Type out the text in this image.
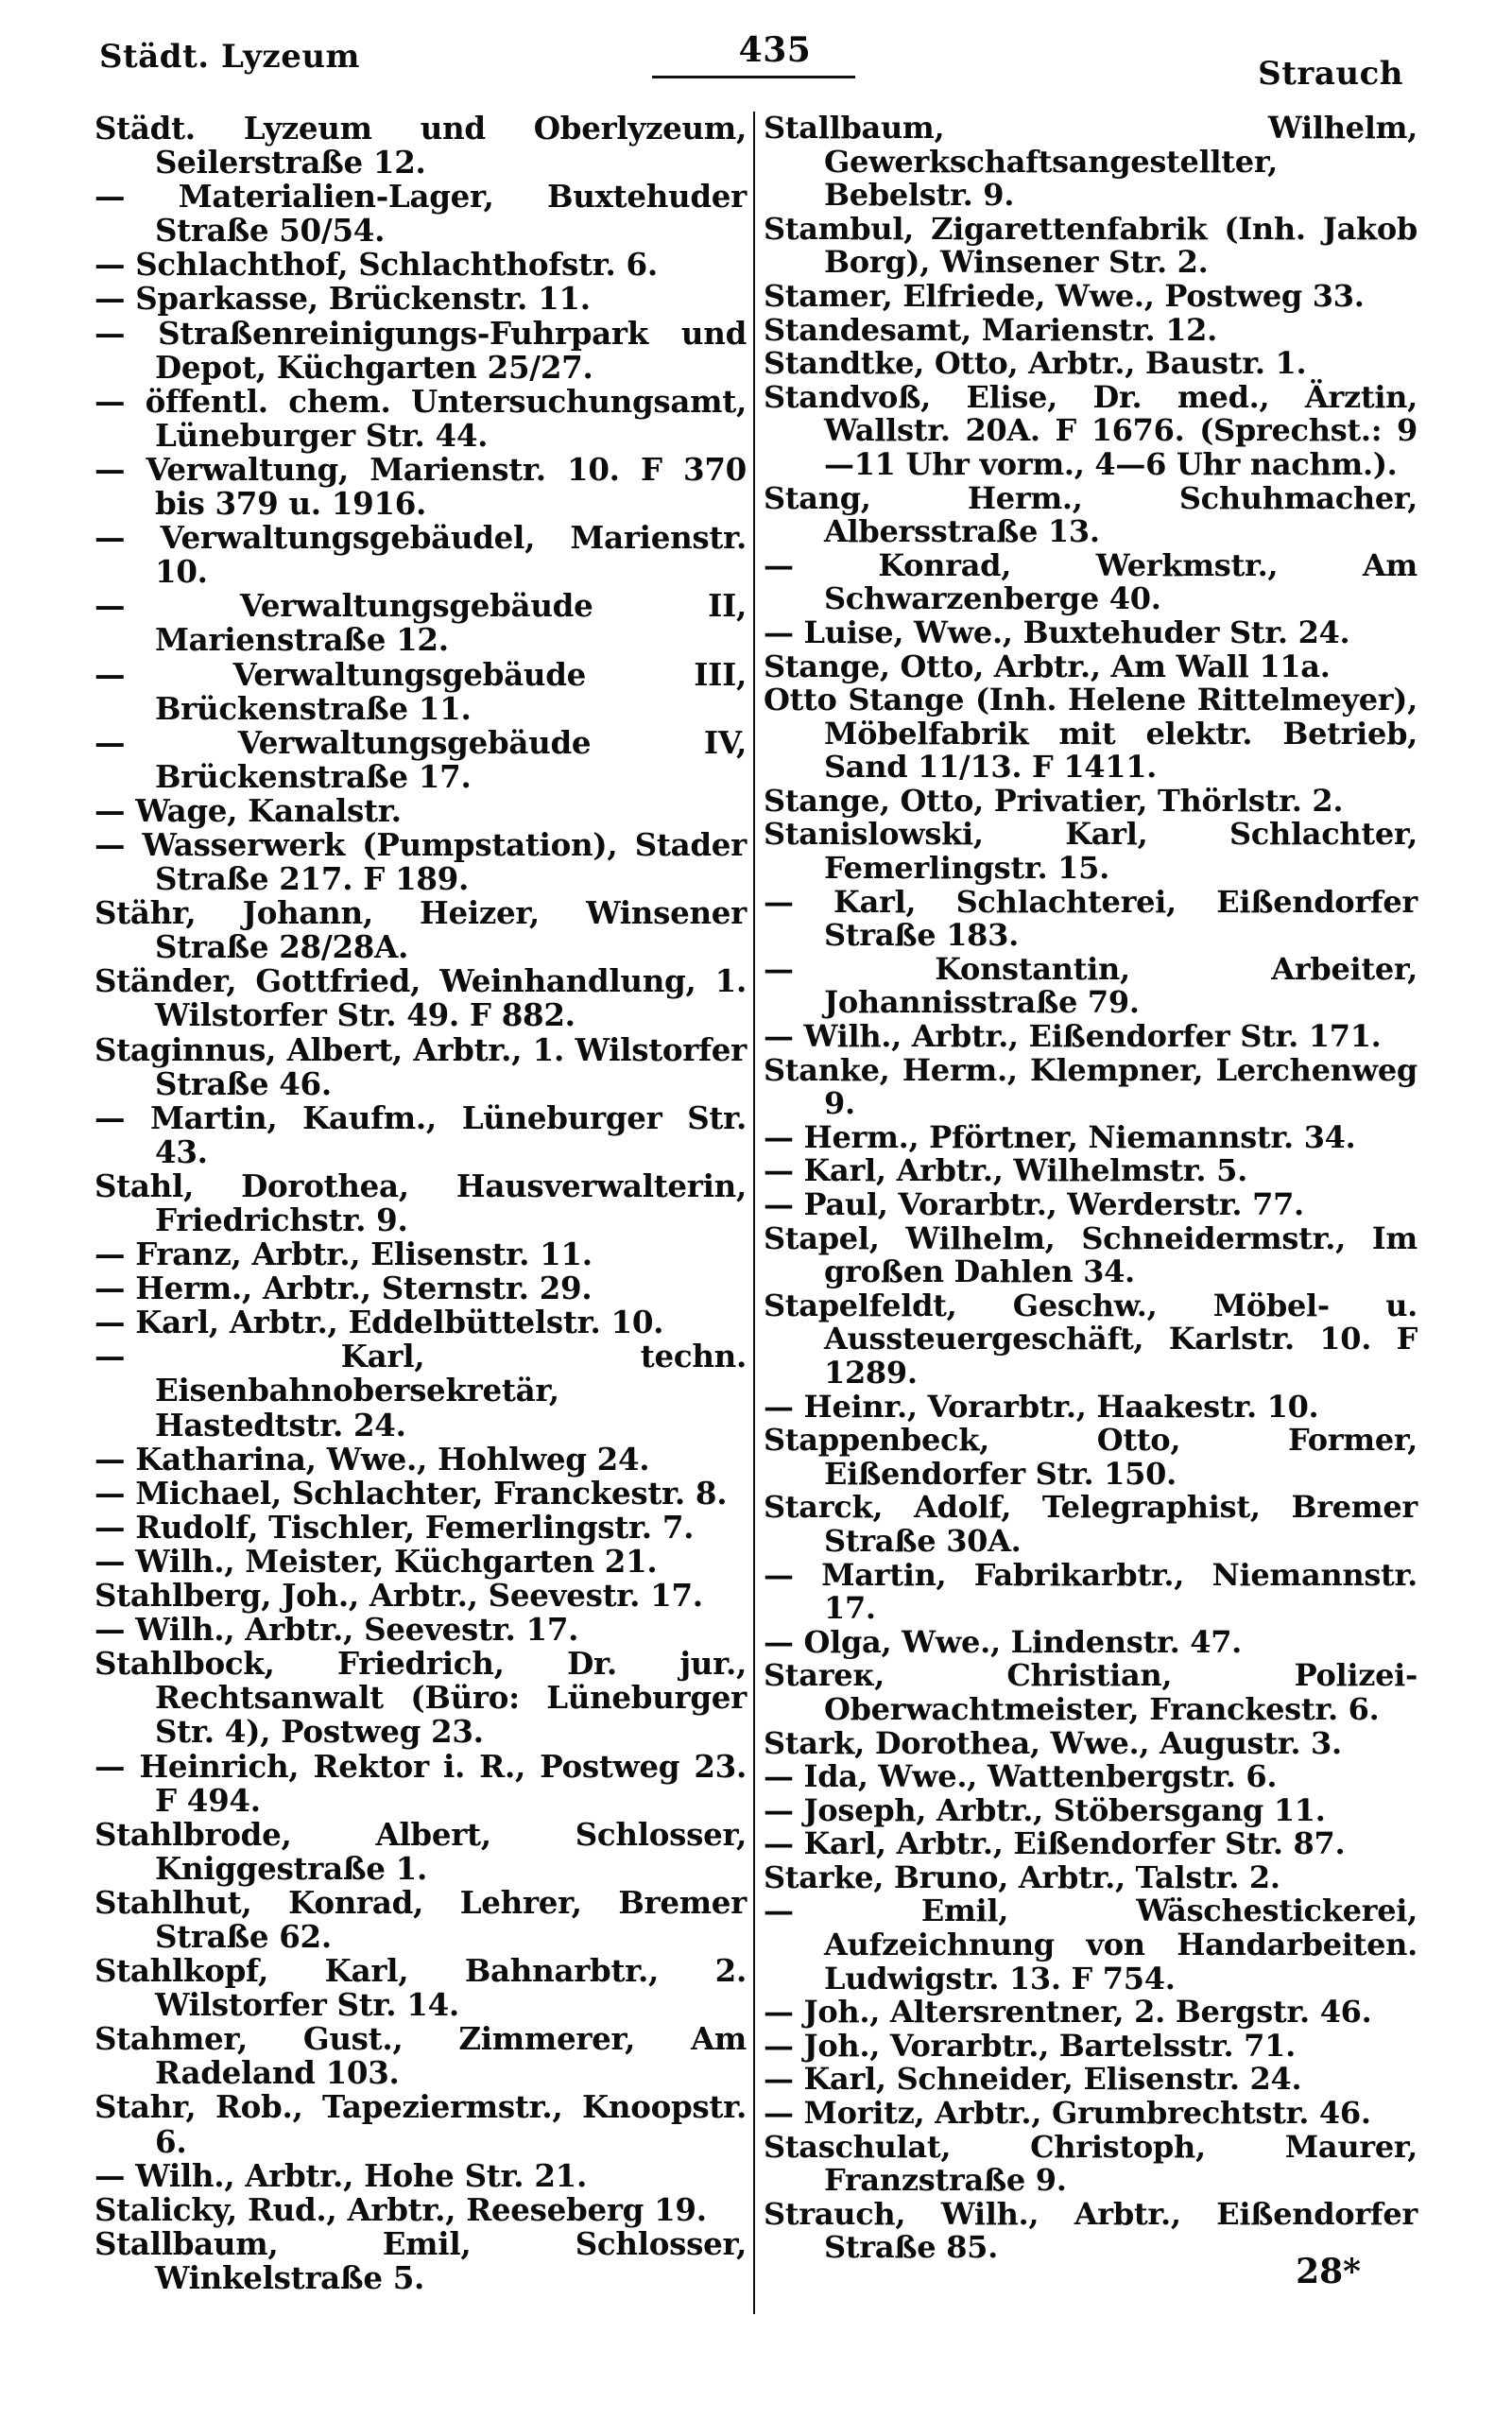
Städt. Lyzeum	435
Strauch

Städt. Lyzeum und Oberlyzeum, Seilerstraße 12.

— Materialien-Lager, Buxtehuder Straße 50/54.

— Schlachthof, Schlachthofstr. 6.

— Sparkasse, Brückenstr. 11.

— Straßenreinigungs-Fuhrpark und Depot, Küchgarten 25/27.

— öffentl. chem. Untersuchungsamt, Lüneburger Str. 44.

— Verwaltung, Marienstr. 10. F 370 bis 379 u. 1916.

— Verwaltungsgebäudel, Marienstr. 10.

— Verwaltungsgebäude II, Marienstraße 12.

— Verwaltungsgebäude III, Brückenstraße 11.

— Verwaltungsgebäude IV, Brückenstraße 17.

— Wage, Kanalstr.

— Wasserwerk (Pumpstation), Stader Straße 217. F 189.

Stähr, Johann, Heizer, Winsener Straße 28/28A.

Ständer, Gottfried, Weinhandlung, 1. Wilstorfer Str. 49. F 882.

Staginnus, Albert, Arbtr., 1. Wilstorfer Straße 46.

— Martin, Kaufm., Lüneburger Str. 43.

Stahl, Dorothea, Hausverwalterin, Friedrichstr. 9.

— Franz, Arbtr., Elisenstr. 11.

— Herm., Arbtr., Sternstr. 29.

— Karl, Arbtr., Eddelbüttelstr. 10.

— Karl, techn. Eisenbahnobersekretär, Hastedtstr. 24.

— Katharina, Wwe., Hohlweg 24.

— Michael, Schlachter, Franckestr. 8.

— Rudolf, Tischler, Femerlingstr. 7.

— Wilh., Meister, Küchgarten 21.

Stahlberg, Joh., Arbtr., Seevestr. 17.

— Wilh., Arbtr., Seevestr. 17.

Stahlbock, Friedrich, Dr. jur., Rechtsanwalt (Büro: Lüneburger Str. 4), Postweg 23.

— Heinrich, Rektor i. R., Postweg 23. F 494.

Stahlbrode, Albert, Schlosser, Kniggestraße 1.

Stahlhut, Konrad, Lehrer, Bremer Straße 62.

Stahlkopf, Karl, Bahnarbtr., 2. Wilstorfer Str. 14.

Stahmer, Gust., Zimmerer, Am Radeland 103.

Stahr, Rob., Tapeziermstr., Knoopstr. 6.

— Wilh., Arbtr., Hohe Str. 21.

Stalicky, Rud., Arbtr., Reeseberg 19.

Stallbaum, Emil, Schlosser, Winkelstraße 5.

Stallbaum, Wilhelm, Gewerkschaftsangestellter, Bebelstr. 9.

Stambul, Zigarettenfabrik (Inh. Jakob Borg), Winsener Str. 2.

Stamer, Elfriede, Wwe., Postweg 33.

Standesamt, Marienstr. 12.

Standtke, Otto, Arbtr., Baustr. 1.

Standvoß, Elise, Dr. med., Ärztin, Wallstr. 20A. F 1676. (Sprechst.: 9—11 Uhr vorm., 4—6 Uhr nachm.).

Stang, Herm., Schuhmacher, Albersstraße 13.

— Konrad, Werkmstr., Am Schwarzenberge 40.

— Luise, Wwe., Buxtehuder Str. 24.

Stange, Otto, Arbtr., Am Wall 11a.

Otto Stange (Inh. Helene Rittelmeyer), Möbelfabrik mit elektr. Betrieb, Sand 11/13. F 1411.

Stange, Otto, Privatier, Thörlstr. 2.

Stanislowski, Karl, Schlachter, Femerlingstr. 15.

— Karl, Schlachterei, Eißendorfer Straße 183.

— Konstantin, Arbeiter, Johannisstraße 79.

— Wilh., Arbtr., Eißendorfer Str. 171.

Stanke, Herm., Klempner, Lerchenweg 9.

— Herm., Pförtner, Niemannstr. 34.

— Karl, Arbtr., Wilhelmstr. 5.

— Paul, Vorarbtr., Werderstr. 77.

Stapel, Wilhelm, Schneidermstr., Im großen Dahlen 34.

Stapelfeldt, Geschw., Möbel- u. Aussteuergeschäft, Karlstr. 10. F 1289.

— Heinr., Vorarbtr., Haakestr. 10.

Stappenbeck, Otto, Former, Eißendorfer Str. 150.

Starck, Adolf, Telegraphist, Bremer Straße 30A.

— Martin, Fabrikarbtr., Niemannstr. 17.

— Olga, Wwe., Lindenstr. 47.

Stareк, Christian, Polizei-Oberwachtmeister, Franckestr. 6.

Stark, Dorothea, Wwe., Augustr. 3.

— Ida, Wwe., Wattenbergstr. 6.

— Joseph, Arbtr., Stöbersgang 11.

— Karl, Arbtr., Eißendorfer Str. 87.

Starke, Bruno, Arbtr., Talstr. 2.

— Emil, Wäschestickerei, Aufzeichnung von Handarbeiten. Ludwigstr. 13. F 754.

— Joh., Altersrentner, 2. Bergstr. 46.

— Joh., Vorarbtr., Bartelsstr. 71.

— Karl, Schneider, Elisenstr. 24.

— Moritz, Arbtr., Grumbrechtstr. 46.

Staschulat, Christoph, Maurer, Franzstraße 9.

Strauch, Wilh., Arbtr., Eißendorfer Straße 85.

28*
